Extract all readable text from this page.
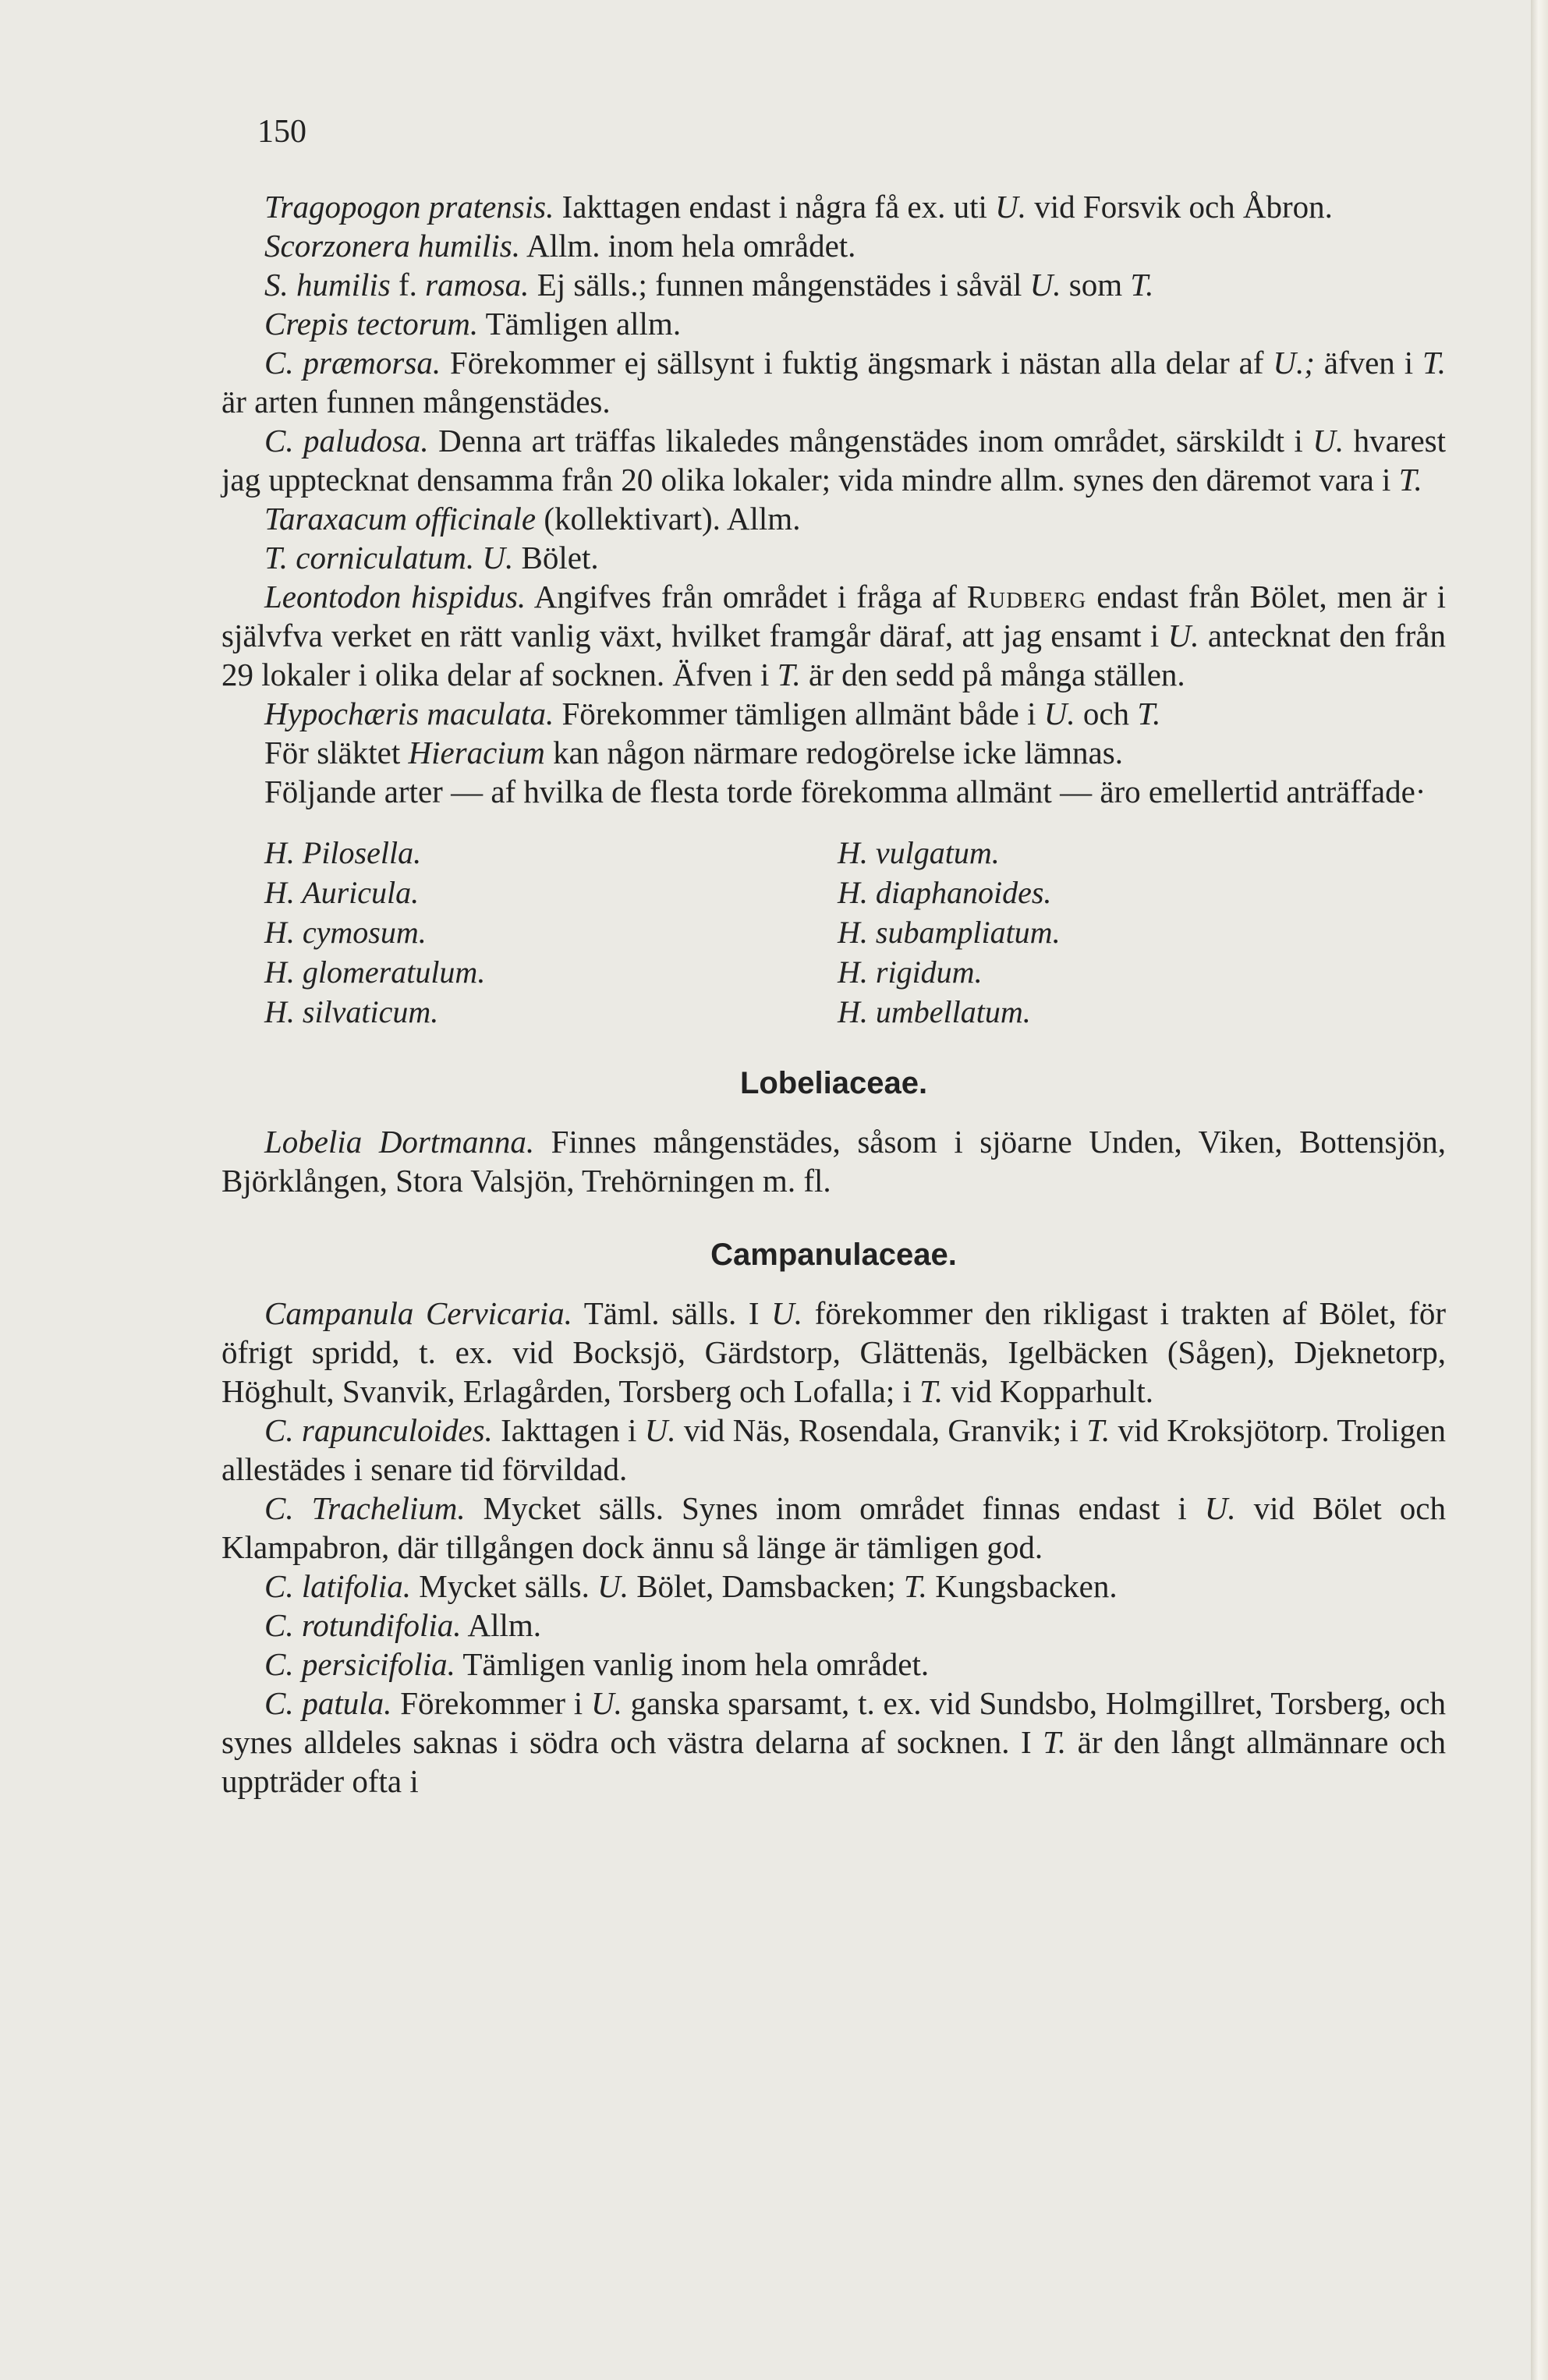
150

Tragopogon pratensis. Iakttagen endast i några få ex. uti U. vid Forsvik och Åbron.

Scorzonera humilis. Allm. inom hela området.

S. humilis f. ramosa. Ej sälls.; funnen mångenstädes i såväl U. som T.

Crepis tectorum. Tämligen allm.

C. præmorsa. Förekommer ej sällsynt i fuktig ängsmark i nästan alla delar af U.; äfven i T. är arten funnen mångenstädes.

C. paludosa. Denna art träffas likaledes mångenstädes inom området, särskildt i U. hvarest jag upptecknat densamma från 20 olika lokaler; vida mindre allm. synes den däremot vara i T.

Taraxacum officinale (kollektivart). Allm.

T. corniculatum. U. Bölet.

Leontodon hispidus. Angifves från området i fråga af Rudberg endast från Bölet, men är i självfva verket en rätt vanlig växt, hvilket framgår däraf, att jag ensamt i U. antecknat den från 29 lokaler i olika delar af socknen. Äfven i T. är den sedd på många ställen.

Hypochæris maculata. Förekommer tämligen allmänt både i U. och T.

För släktet Hieracium kan någon närmare redogörelse icke lämnas.

Följande arter — af hvilka de flesta torde förekomma allmänt — äro emellertid anträffade·

H. Pilosella.
H. Auricula.
H. cymosum.
H. glomeratulum.
H. silvaticum.
H. vulgatum.
H. diaphanoides.
H. subampliatum.
H. rigidum.
H. umbellatum.

Lobeliaceae.

Lobelia Dortmanna. Finnes mångenstädes, såsom i sjöarne Unden, Viken, Bottensjön, Björklången, Stora Valsjön, Trehörningen m. fl.

Campanulaceae.

Campanula Cervicaria. Täml. sälls. I U. förekommer den rikligast i trakten af Bölet, för öfrigt spridd, t. ex. vid Bocksjö, Gärdstorp, Glättenäs, Igelbäcken (Sågen), Djeknetorp, Höghult, Svanvik, Erlagården, Torsberg och Lofalla; i T. vid Kopparhult.

C. rapunculoides. Iakttagen i U. vid Näs, Rosendala, Granvik; i T. vid Kroksjötorp. Troligen allestädes i senare tid förvildad.

C. Trachelium. Mycket sälls. Synes inom området finnas endast i U. vid Bölet och Klampabron, där tillgången dock ännu så länge är tämligen god.

C. latifolia. Mycket sälls. U. Bölet, Damsbacken; T. Kungsbacken.

C. rotundifolia. Allm.

C. persicifolia. Tämligen vanlig inom hela området.

C. patula. Förekommer i U. ganska sparsamt, t. ex. vid Sundsbo, Holmgillret, Torsberg, och synes alldeles saknas i södra och västra delarna af socknen. I T. är den långt allmännare och uppträder ofta i
